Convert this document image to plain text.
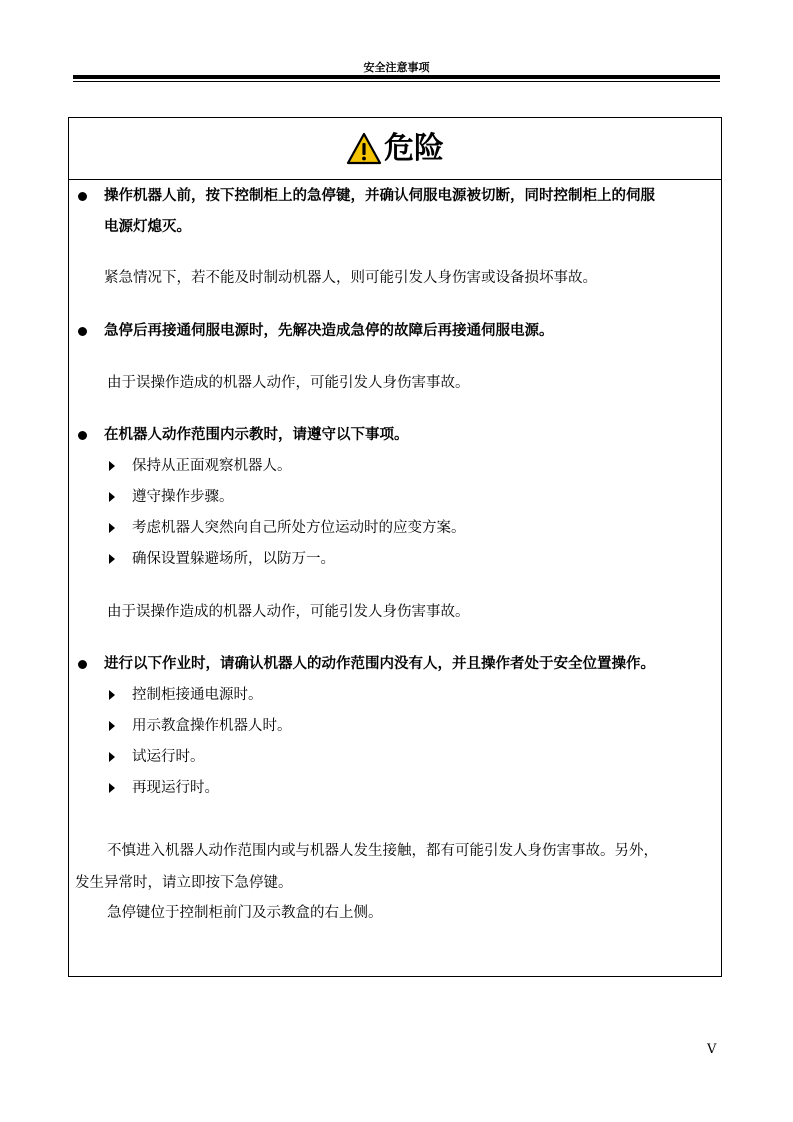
安全注意事项
危险
操作机器人前，按下控制柜上的急停键，并确认伺服电源被切断，同时控制柜上的伺服
电源灯熄灭。
紧急情况下，若不能及时制动机器人，则可能引发人身伤害或设备损坏事故。
急停后再接通伺服电源时，先解决造成急停的故障后再接通伺服电源。
由于误操作造成的机器人动作，可能引发人身伤害事故。
在机器人动作范围内示教时，请遵守以下事项。
保持从正面观察机器人。
遵守操作步骤。
考虑机器人突然向自己所处方位运动时的应变方案。
确保设置躲避场所，以防万一。
由于误操作造成的机器人动作，可能引发人身伤害事故。
进行以下作业时，请确认机器人的动作范围内没有人，并且操作者处于安全位置操作。
控制柜接通电源时。
用示教盒操作机器人时。
试运行时。
再现运行时。
不慎进入机器人动作范围内或与机器人发生接触，都有可能引发人身伤害事故。另外，
发生异常时，请立即按下急停键。
急停键位于控制柜前门及示教盒的右上侧。
V
